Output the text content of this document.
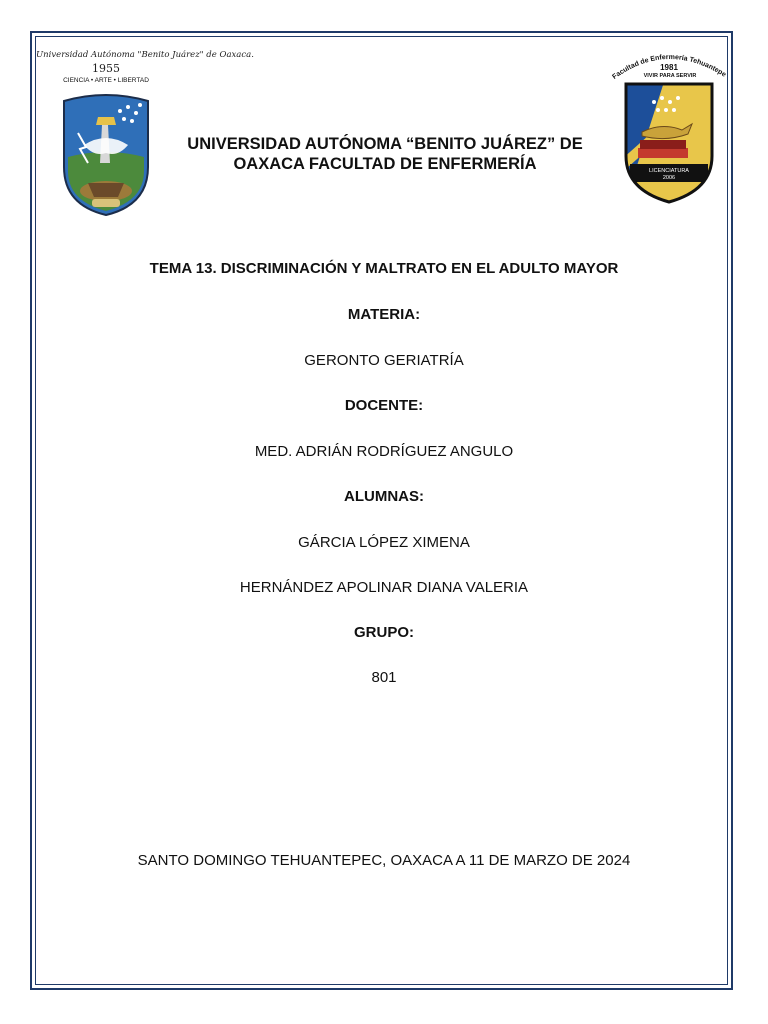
Universidad Autónoma "Benito Juárez" de Oaxaca.
1955
CIENCIA • ARTE • LIBERTAD
UNIVERSIDAD AUTÓNOMA “BENITO JUÁREZ” DE
OAXACA FACULTAD DE ENFERMERÍA
Facultad de Enfermería Tehuantepe
LICENCIATURA
2006
1981
VIVIR PARA SERVIR
TEMA 13. DISCRIMINACIÓN Y MALTRATO EN EL ADULTO MAYOR
MATERIA:
GERONTO GERIATRÍA
DOCENTE:
MED. ADRIÁN RODRÍGUEZ ANGULO
ALUMNAS:
GÁRCIA LÓPEZ XIMENA
HERNÁNDEZ APOLINAR DIANA VALERIA
GRUPO:
801
SANTO DOMINGO TEHUANTEPEC, OAXACA A 11 DE MARZO DE 2024
